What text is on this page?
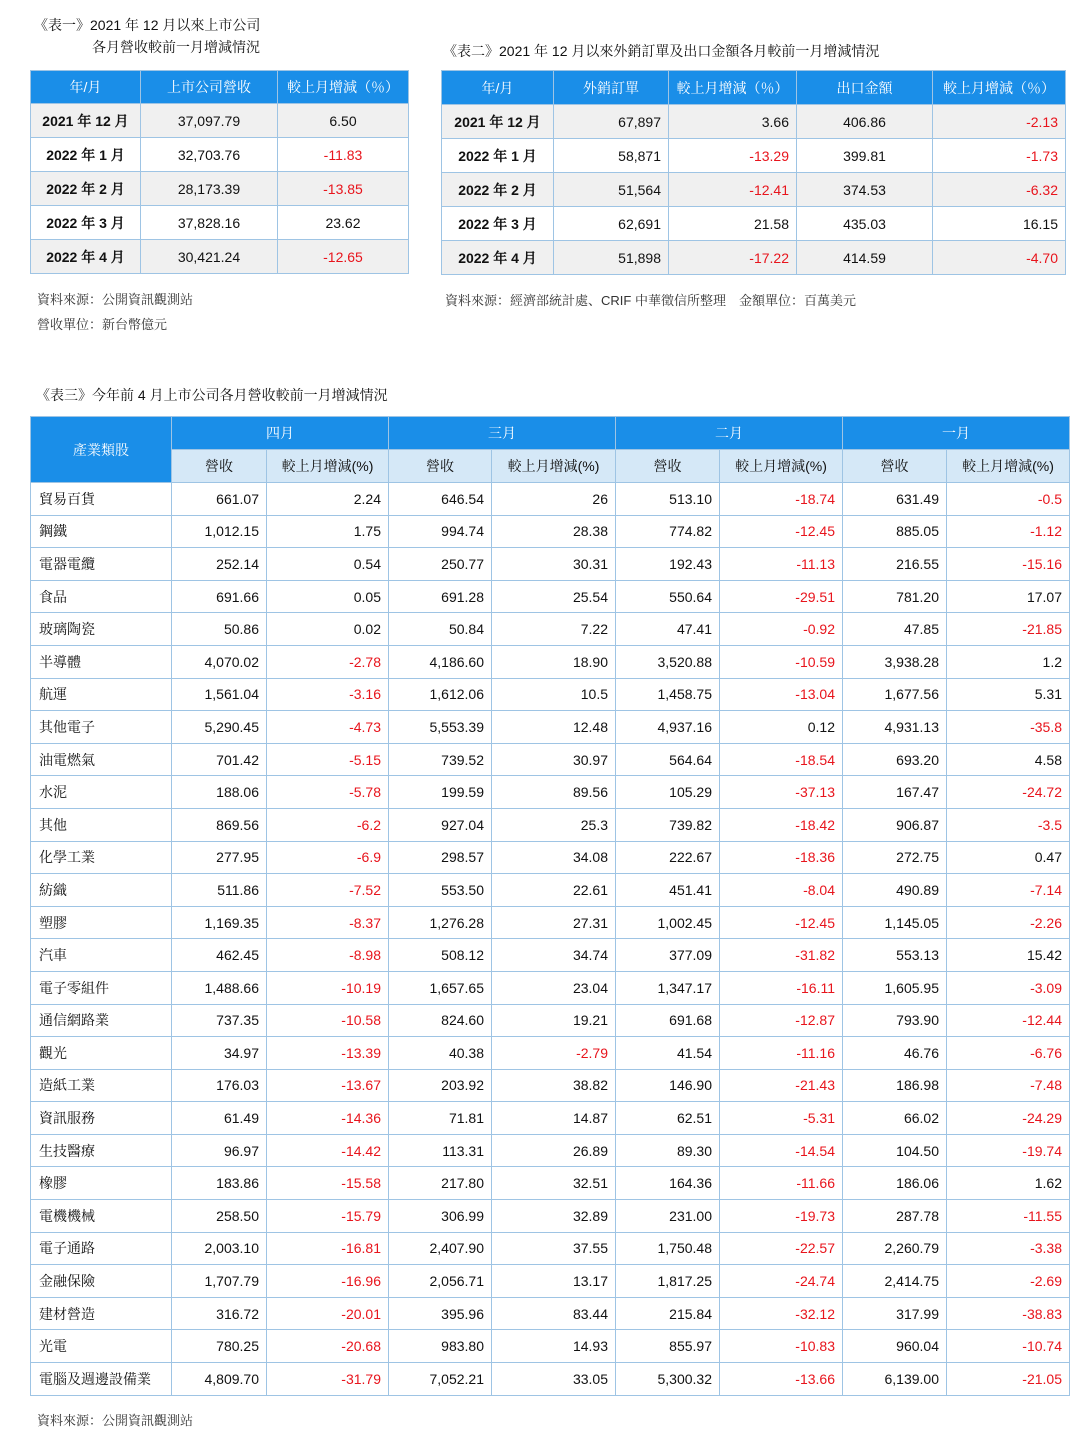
《表一》2021 年 12 月以來上市公司
各月營收較前一月增減情況
年/月	上市公司營收	較上月增減（％）
2021 年 12 月	37,097.79	6.50
2022 年 1 月	32,703.76	-11.83
2022 年 2 月	28,173.39	-13.85
2022 年 3 月	37,828.16	23.62
2022 年 4 月	30,421.24	-12.65
資料來源：公開資訊觀測站
營收單位：新台幣億元
《表二》2021 年 12 月以來外銷訂單及出口金額各月較前一月增減情況
年/月	外銷訂單	較上月增減（％）	出口金額	較上月增減（％）
2021 年 12 月	67,897	3.66	406.86	-2.13
2022 年 1 月	58,871	-13.29	399.81	-1.73
2022 年 2 月	51,564	-12.41	374.53	-6.32
2022 年 3 月	62,691	21.58	435.03	16.15
2022 年 4 月	51,898	-17.22	414.59	-4.70
資料來源：經濟部統計處、CRIF 中華徵信所整理　金額單位：百萬美元
《表三》今年前 4 月上市公司各月營收較前一月增減情況
產業類股	四月		三月		二月		一月	
	營收	較上月增減(%)	營收	較上月增減(%)	營收	較上月增減(%)	營收	較上月增減(%)
貿易百貨	661.07	2.24	646.54	26	513.10	-18.74	631.49	-0.5
鋼鐵	1,012.15	1.75	994.74	28.38	774.82	-12.45	885.05	-1.12
電器電纜	252.14	0.54	250.77	30.31	192.43	-11.13	216.55	-15.16
食品	691.66	0.05	691.28	25.54	550.64	-29.51	781.20	17.07
玻璃陶瓷	50.86	0.02	50.84	7.22	47.41	-0.92	47.85	-21.85
半導體	4,070.02	-2.78	4,186.60	18.90	3,520.88	-10.59	3,938.28	1.2
航運	1,561.04	-3.16	1,612.06	10.5	1,458.75	-13.04	1,677.56	5.31
其他電子	5,290.45	-4.73	5,553.39	12.48	4,937.16	0.12	4,931.13	-35.8
油電燃氣	701.42	-5.15	739.52	30.97	564.64	-18.54	693.20	4.58
水泥	188.06	-5.78	199.59	89.56	105.29	-37.13	167.47	-24.72
其他	869.56	-6.2	927.04	25.3	739.82	-18.42	906.87	-3.5
化學工業	277.95	-6.9	298.57	34.08	222.67	-18.36	272.75	0.47
紡織	511.86	-7.52	553.50	22.61	451.41	-8.04	490.89	-7.14
塑膠	1,169.35	-8.37	1,276.28	27.31	1,002.45	-12.45	1,145.05	-2.26
汽車	462.45	-8.98	508.12	34.74	377.09	-31.82	553.13	15.42
電子零組件	1,488.66	-10.19	1,657.65	23.04	1,347.17	-16.11	1,605.95	-3.09
通信網路業	737.35	-10.58	824.60	19.21	691.68	-12.87	793.90	-12.44
觀光	34.97	-13.39	40.38	-2.79	41.54	-11.16	46.76	-6.76
造紙工業	176.03	-13.67	203.92	38.82	146.90	-21.43	186.98	-7.48
資訊服務	61.49	-14.36	71.81	14.87	62.51	-5.31	66.02	-24.29
生技醫療	96.97	-14.42	113.31	26.89	89.30	-14.54	104.50	-19.74
橡膠	183.86	-15.58	217.80	32.51	164.36	-11.66	186.06	1.62
電機機械	258.50	-15.79	306.99	32.89	231.00	-19.73	287.78	-11.55
電子通路	2,003.10	-16.81	2,407.90	37.55	1,750.48	-22.57	2,260.79	-3.38
金融保險	1,707.79	-16.96	2,056.71	13.17	1,817.25	-24.74	2,414.75	-2.69
建材營造	316.72	-20.01	395.96	83.44	215.84	-32.12	317.99	-38.83
光電	780.25	-20.68	983.80	14.93	855.97	-10.83	960.04	-10.74
電腦及週邊設備業	4,809.70	-31.79	7,052.21	33.05	5,300.32	-13.66	6,139.00	-21.05
資料來源：公開資訊觀測站
